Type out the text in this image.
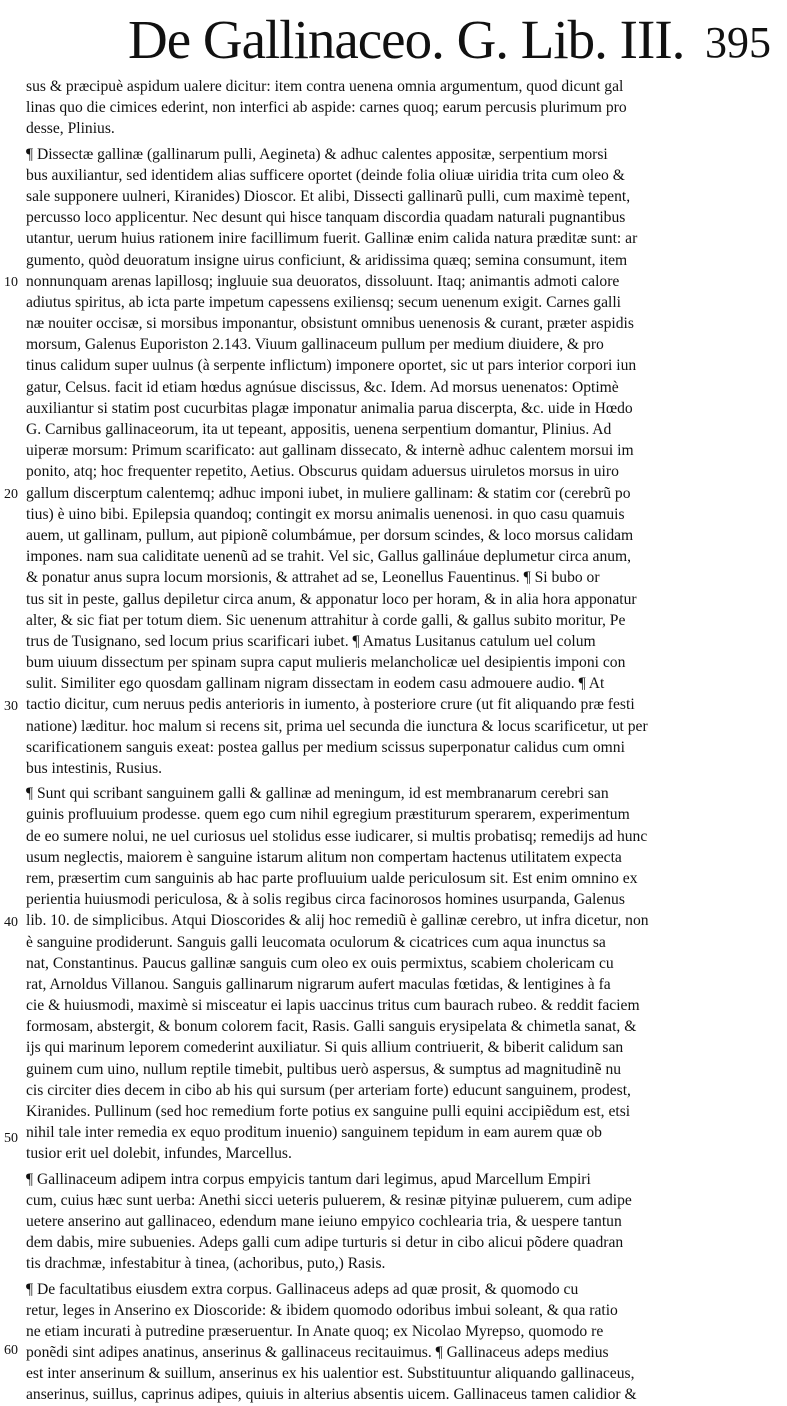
De Gallinaceo. G. Lib. III. 395
10
20
30
40
50
60
sus & præcipuè aspidum ualere dicitur: item contra uenena omnia argumentum, quod dicunt gal
linas quo die cimices ederint, non interfici ab aspide: carnes quoq; earum percusis plurimum pro
desse, Plinius.
¶ Dissectæ gallinæ (gallinarum pulli, Aegineta) & adhuc calentes appositæ, serpentium morsi
bus auxiliantur, sed identidem alias sufficere oportet (deinde folia oliuæ uiridia trita cum oleo &
sale supponere uulneri, Kiranides) Dioscor. Et alibi, Dissecti gallinarũ pulli, cum maximè tepent,
percusso loco applicentur. Nec desunt qui hisce tanquam discordia quadam naturali pugnantibus
utantur, uerum huius rationem inire facillimum fuerit. Gallinæ enim calida natura præditæ sunt: ar
gumento, quòd deuoratum insigne uirus conficiunt, & aridissima quæq; semina consumunt, item
nonnunquam arenas lapillosq; ingluuie sua deuoratos, dissoluunt. Itaq; animantis admoti calore
adiutus spiritus, ab icta parte impetum capessens exiliensq; secum uenenum exigit. Carnes galli
næ nouiter occisæ, si morsibus imponantur, obsistunt omnibus uenenosis & curant, præter aspidis
morsum, Galenus Euporiston 2.143. Viuum gallinaceum pullum per medium diuidere, & pro
tinus calidum super uulnus (à serpente inflictum) imponere oportet, sic ut pars interior corpori iun
gatur, Celsus. facit id etiam hœdus agnúsue discissus, &c. Idem. Ad morsus uenenatos: Optimè
auxiliantur si statim post cucurbitas plagæ imponatur animalia parua discerpta, &c. uide in Hœdo
G. Carnibus gallinaceorum, ita ut tepeant, appositis, uenena serpentium domantur, Plinius. Ad
uiperæ morsum: Primum scarificato: aut gallinam dissecato, & internè adhuc calentem morsui im
ponito, atq; hoc frequenter repetito, Aetius. Obscurus quidam aduersus uiruletos morsus in uiro
gallum discerptum calentemq; adhuc imponi iubet, in muliere gallinam: & statim cor (cerebrũ po
tius) è uino bibi. Epilepsia quandoq; contingit ex morsu animalis uenenosi. in quo casu quamuis
auem, ut gallinam, pullum, aut pipionẽ columbámue, per dorsum scindes, & loco morsus calidam
impones. nam sua caliditate uenenũ ad se trahit. Vel sic, Gallus gallináue deplumetur circa anum,
& ponatur anus supra locum morsionis, & attrahet ad se, Leonellus Fauentinus. ¶ Si bubo or
tus sit in peste, gallus depiletur circa anum, & apponatur loco per horam, & in alia hora apponatur
alter, & sic fiat per totum diem. Sic uenenum attrahitur à corde galli, & gallus subito moritur, Pe
trus de Tusignano, sed locum prius scarificari iubet. ¶ Amatus Lusitanus catulum uel colum
bum uiuum dissectum per spinam supra caput mulieris melancholicæ uel desipientis imponi con
sulit. Similiter ego quosdam gallinam nigram dissectam in eodem casu admouere audio. ¶ At
tactio dicitur, cum neruus pedis anterioris in iumento, à posteriore crure (ut fit aliquando præ festi
natione) læditur. hoc malum si recens sit, prima uel secunda die iunctura & locus scarificetur, ut per
scarificationem sanguis exeat: postea gallus per medium scissus superponatur calidus cum omni
bus intestinis, Rusius.
¶ Sunt qui scribant sanguinem galli & gallinæ ad meningum, id est membranarum cerebri san
guinis profluuium prodesse. quem ego cum nihil egregium præstiturum sperarem, experimentum
de eo sumere nolui, ne uel curiosus uel stolidus esse iudicarer, si multis probatisq; remedijs ad hunc
usum neglectis, maiorem è sanguine istarum alitum non compertam hactenus utilitatem expecta
rem, præsertim cum sanguinis ab hac parte profluuium ualde periculosum sit. Est enim omnino ex
perientia huiusmodi periculosa, & à solis regibus circa facinorosos homines usurpanda, Galenus
lib. 10. de simplicibus. Atqui Dioscorides & alij hoc remediũ è gallinæ cerebro, ut infra dicetur, non
è sanguine prodiderunt. Sanguis galli leucomata oculorum & cicatrices cum aqua inunctus sa
nat, Constantinus. Paucus gallinæ sanguis cum oleo ex ouis permixtus, scabiem cholericam cu
rat, Arnoldus Villanou. Sanguis gallinarum nigrarum aufert maculas fœtidas, & lentigines à fa
cie & huiusmodi, maximè si misceatur ei lapis uaccinus tritus cum baurach rubeo. & reddit faciem
formosam, abstergit, & bonum colorem facit, Rasis. Galli sanguis erysipelata & chimetla sanat, &
ijs qui marinum leporem comederint auxiliatur. Si quis allium contriuerit, & biberit calidum san
guinem cum uino, nullum reptile timebit, pultibus uerò aspersus, & sumptus ad magnitudinẽ nu
cis circiter dies decem in cibo ab his qui sursum (per arteriam forte) educunt sanguinem, prodest,
Kiranides. Pullinum (sed hoc remedium forte potius ex sanguine pulli equini accipiẽdum est, etsi
nihil tale inter remedia ex equo proditum inuenio) sanguinem tepidum in eam aurem quæ ob
tusior erit uel dolebit, infundes, Marcellus.
¶ Gallinaceum adipem intra corpus empyicis tantum dari legimus, apud Marcellum Empiri
cum, cuius hæc sunt uerba: Anethi sicci ueteris puluerem, & resinæ pityinæ puluerem, cum adipe
uetere anserino aut gallinaceo, edendum mane ieiuno empyico cochlearia tria, & uespere tantun
dem dabis, mire subuenies. Adeps galli cum adipe turturis si detur in cibo alicui põdere quadran
tis drachmæ, infestabitur à tinea, (achoribus, puto,) Rasis.
¶ De facultatibus eiusdem extra corpus. Gallinaceus adeps ad quæ prosit, & quomodo cu
retur, leges in Anserino ex Dioscoride: & ibidem quomodo odoribus imbui soleant, & qua ratio
ne etiam incurati à putredine præseruentur. In Anate quoq; ex Nicolao Myrepso, quomodo re
ponẽdi sint adipes anatinus, anserinus & gallinaceus recitauimus. ¶ Gallinaceus adeps medius
est inter anserinum & suillum, anserinus ex his ualentior est. Substituuntur aliquando gallinaceus,
anserinus, suillus, caprinus adipes, quiuis in alterius absentis uicem. Gallinaceus tamen calidior &
